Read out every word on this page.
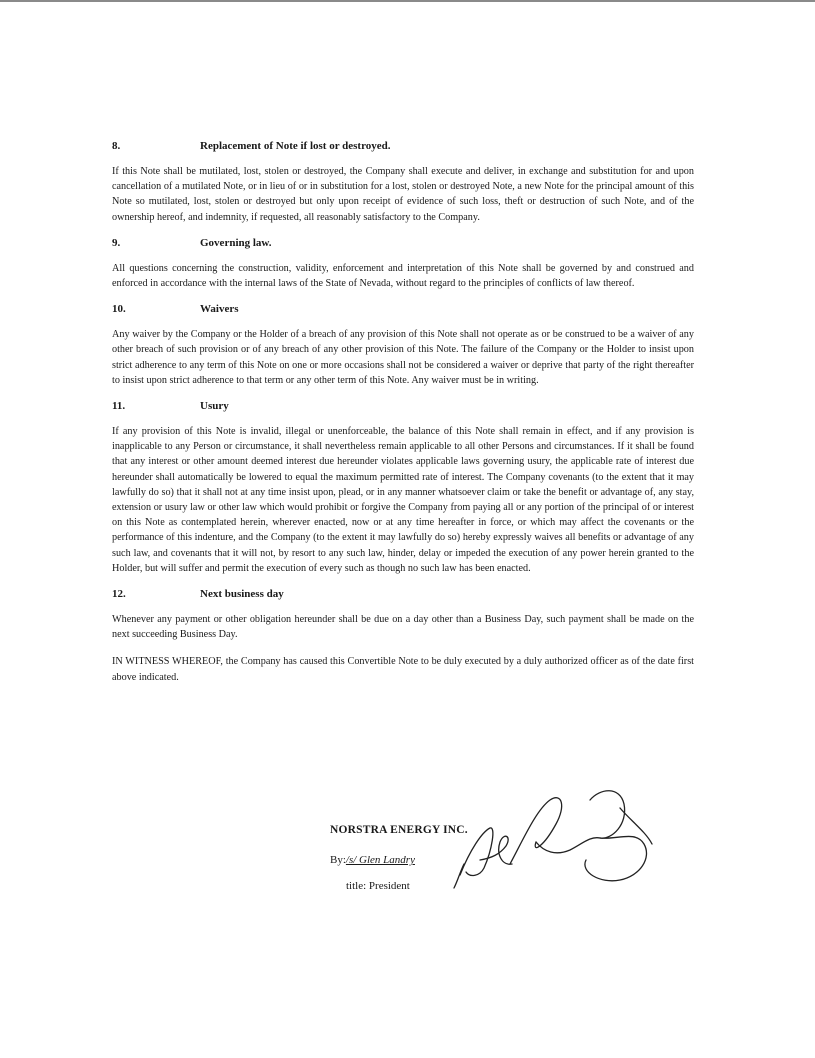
8.	Replacement of Note if lost or destroyed.

If this Note shall be mutilated, lost, stolen or destroyed, the Company shall execute and deliver, in exchange and substitution for and upon cancellation of a mutilated Note, or in lieu of or in substitution for a lost, stolen or destroyed Note, a new Note for the principal amount of this Note so mutilated, lost, stolen or destroyed but only upon receipt of evidence of such loss, theft or destruction of such Note, and of the ownership hereof, and indemnity, if requested, all reasonably satisfactory to the Company.

9.	Governing law.

All questions concerning the construction, validity, enforcement and interpretation of this Note shall be governed by and construed and enforced in accordance with the internal laws of the State of Nevada, without regard to the principles of conflicts of law thereof.

10.	Waivers

Any waiver by the Company or the Holder of a breach of any provision of this Note shall not operate as or be construed to be a waiver of any other breach of such provision or of any breach of any other provision of this Note. The failure of the Company or the Holder to insist upon strict adherence to any term of this Note on one or more occasions shall not be considered a waiver or deprive that party of the right thereafter to insist upon strict adherence to that term or any other term of this Note. Any waiver must be in writing.

11.	Usury

If any provision of this Note is invalid, illegal or unenforceable, the balance of this Note shall remain in effect, and if any provision is inapplicable to any Person or circumstance, it shall nevertheless remain applicable to all other Persons and circumstances. If it shall be found that any interest or other amount deemed interest due hereunder violates applicable laws governing usury, the applicable rate of interest due hereunder shall automatically be lowered to equal the maximum permitted rate of interest. The Company covenants (to the extent that it may lawfully do so) that it shall not at any time insist upon, plead, or in any manner whatsoever claim or take the benefit or advantage of, any stay, extension or usury law or other law which would prohibit or forgive the Company from paying all or any portion of the principal of or interest on this Note as contemplated herein, wherever enacted, now or at any time hereafter in force, or which may affect the covenants or the performance of this indenture, and the Company (to the extent it may lawfully do so) hereby expressly waives all benefits or advantage of any such law, and covenants that it will not, by resort to any such law, hinder, delay or impeded the execution of any power herein granted to the Holder, but will suffer and permit the execution of every such as though no such law has been enacted.

12.	Next business day

Whenever any payment or other obligation hereunder shall be due on a day other than a Business Day, such payment shall be made on the next succeeding Business Day.

IN WITNESS WHEREOF, the Company has caused this Convertible Note to be duly executed by a duly authorized officer as of the date first above indicated.

NORSTRA ENERGY INC.
By:/s/ Glen Landry
title: President
